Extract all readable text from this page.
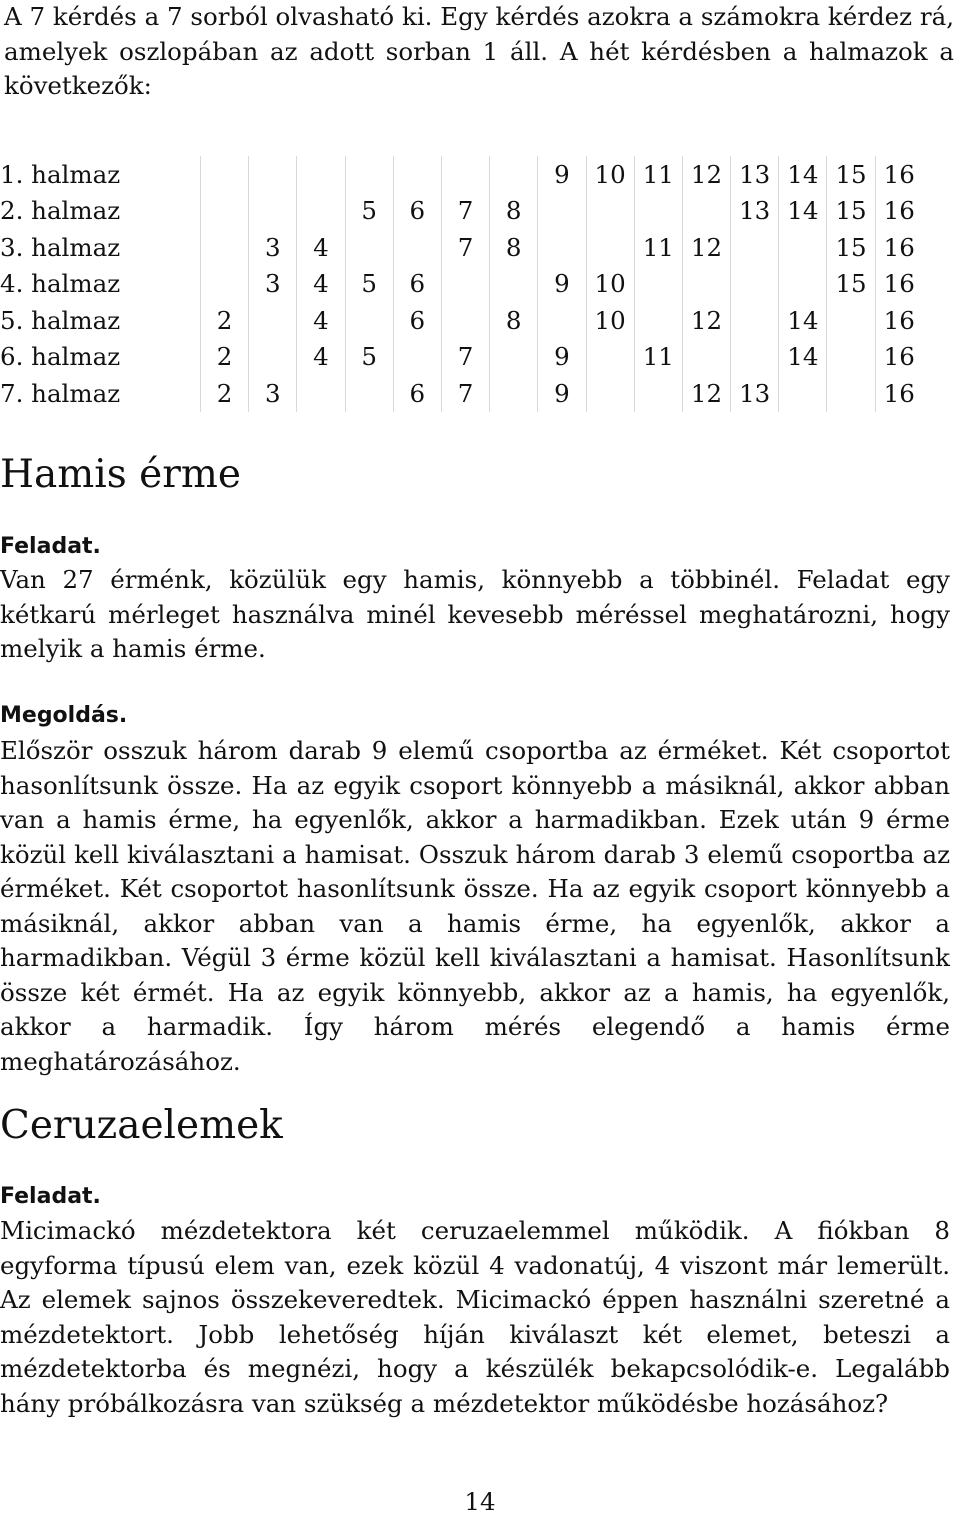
A 7 kérdés a 7 sorból olvasható ki. Egy kérdés azokra a számokra kérdez rá, amelyek oszlopában az adott sorban 1 áll. A hét kérdésben a halmazok a következők:

1. halmaz								9	10	11	12	13	14	15	16
2. halmaz				5	6	7	8					13	14	15	16
3. halmaz		3	4			7	8			11	12			15	16
4. halmaz		3	4	5	6			9	10					15	16
5. halmaz	2		4		6		8		10		12		14		16
6. halmaz	2		4	5		7		9		11			14		16
7. halmaz	2	3			6	7		9			12	13			16
Hamis érme
Feladat.

Van 27 érménk, közülük egy hamis, könnyebb a többinél. Feladat egy kétkarú mérleget használva minél kevesebb méréssel meghatározni, hogy melyik a hamis érme.

Megoldás.

Először osszuk három darab 9 elemű csoportba az érméket. Két csoportot hasonlítsunk össze. Ha az egyik csoport könnyebb a másiknál, akkor abban van a hamis érme, ha egyenlők, akkor a harmadikban. Ezek után 9 érme közül kell kiválasztani a hamisat. Osszuk három darab 3 elemű csoportba az érméket. Két csoportot hasonlítsunk össze. Ha az egyik csoport könnyebb a másiknál, akkor abban van a hamis érme, ha egyenlők, akkor a harmadikban. Végül 3 érme közül kell kiválasztani a hamisat. Hasonlítsunk össze két érmét. Ha az egyik könnyebb, akkor az a hamis, ha egyenlők, akkor a harmadik. Így három mérés elegendő a hamis érme meghatározásához.

Ceruzaelemek
Feladat.

Micimackó mézdetektora két ceruzaelemmel működik. A fiókban 8 egyforma típusú elem van, ezek közül 4 vadonatúj, 4 viszont már lemerült. Az elemek sajnos összekeveredtek. Micimackó éppen használni szeretné a mézdetektort. Jobb lehetőség híján kiválaszt két elemet, beteszi a mézdetektorba és megnézi, hogy a készülék bekapcsolódik-e. Legalább hány próbálkozásra van szükség a mézdetektor működésbe hozásához?

14
